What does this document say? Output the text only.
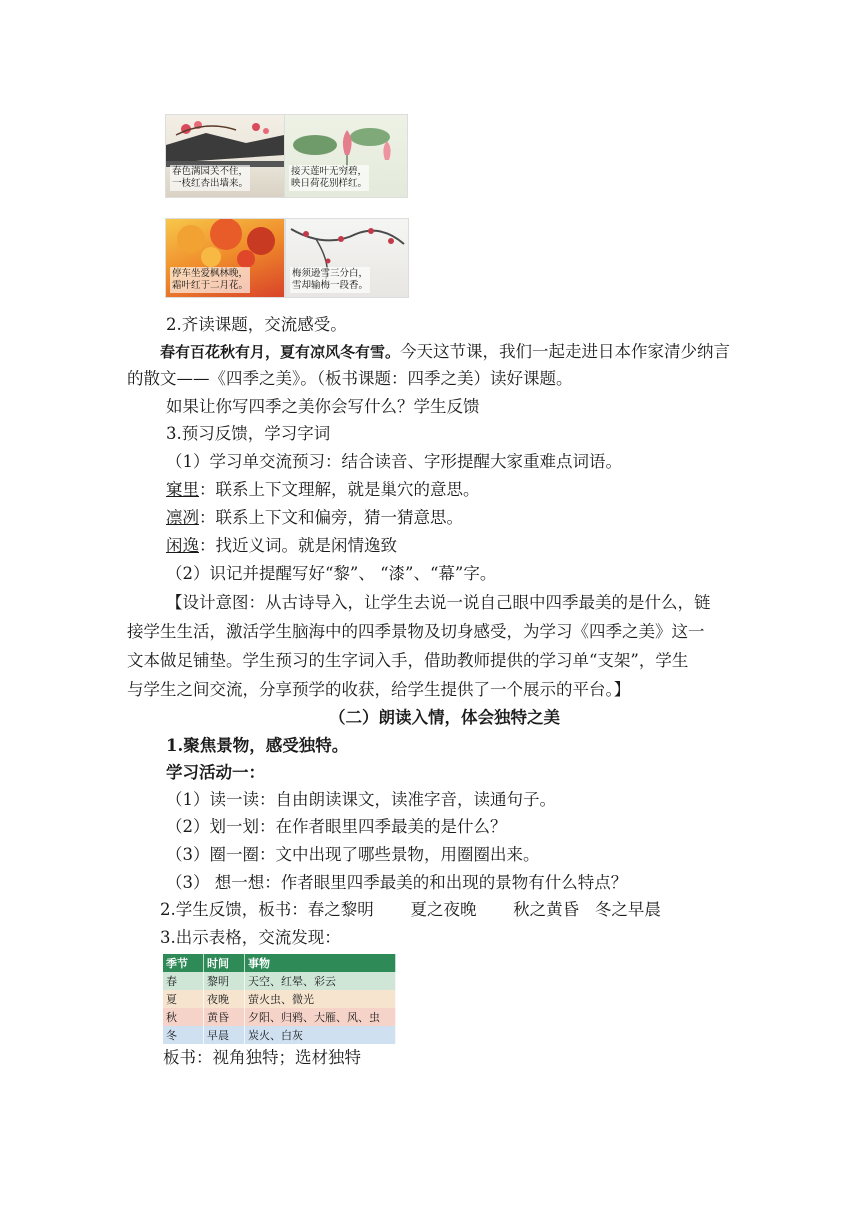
春色满园关不住，
一枝红杏出墙来。
接天莲叶无穷碧，
映日荷花别样红。
停车坐爱枫林晚，
霜叶红于二月花。
梅须逊雪三分白，
雪却输梅一段香。
2.齐读课题，交流感受。
春有百花秋有月，夏有凉风冬有雪。今天这节课，我们一起走进日本作家清少纳言
的散文——《四季之美》。（板书课题：四季之美）读好课题。
如果让你写四季之美你会写什么？学生反馈
3.预习反馈，学习字词
（1）学习单交流预习：结合读音、字形提醒大家重难点词语。
窠里：联系上下文理解，就是巢穴的意思。
凛冽：联系上下文和偏旁，猜一猜意思。
闲逸：找近义词。就是闲情逸致
（2）识记并提醒写好“黎”、 “漆”、“幕”字。
【设计意图：从古诗导入，让学生去说一说自己眼中四季最美的是什么，链
接学生生活，激活学生脑海中的四季景物及切身感受，为学习《四季之美》这一
文本做足铺垫。学生预习的生字词入手，借助教师提供的学习单“支架”，学生
与学生之间交流，分享预学的收获，给学生提供了一个展示的平台。】
（二）朗读入情，体会独特之美
1.聚焦景物，感受独特。
学习活动一：
（1）读一读：自由朗读课文，读准字音，读通句子。
（2）划一划：在作者眼里四季最美的是什么？
（3）圈一圈：文中出现了哪些景物，用圈圈出来。
（3） 想一想：作者眼里四季最美的和出现的景物有什么特点？
2.学生反馈，板书：春之黎明       夏之夜晚       秋之黄昏   冬之早晨
3.出示表格，交流发现：
季节	时间	事物
春	黎明	天空、红晕、彩云
夏	夜晚	萤火虫、微光
秋	黄昏	夕阳、归鸦、大雁、风、虫
冬	早晨	炭火、白灰
板书：视角独特；选材独特
